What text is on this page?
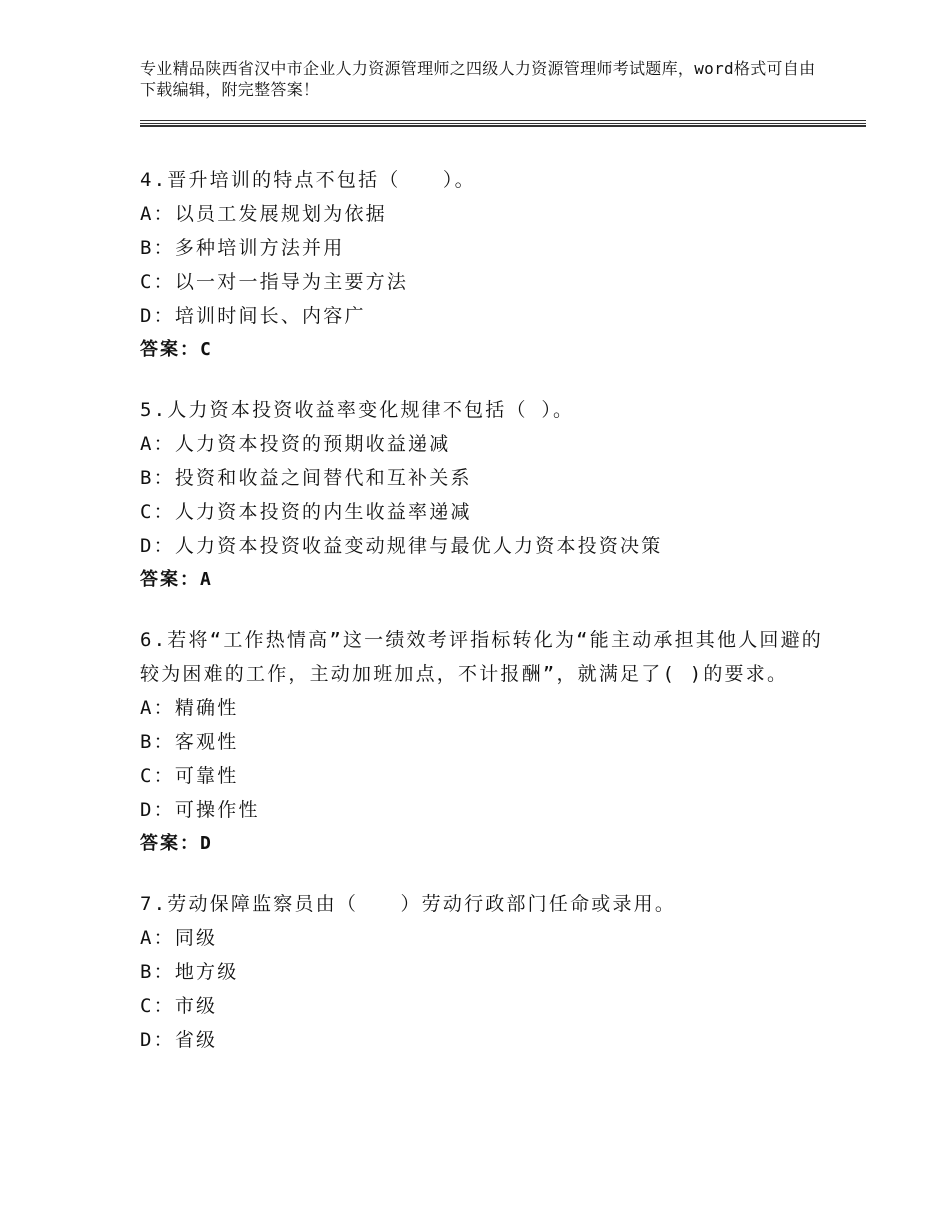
专业精品陕西省汉中市企业人力资源管理师之四级人力资源管理师考试题库，word格式可自由下载编辑，附完整答案！
4.晋升培训的特点不包括（　　）。
A：以员工发展规划为依据
B：多种培训方法并用
C：以一对一指导为主要方法
D：培训时间长、内容广
答案：C
5.人力资本投资收益率变化规律不包括（ ）。
A：人力资本投资的预期收益递减
B：投资和收益之间替代和互补关系
C：人力资本投资的内生收益率递减
D：人力资本投资收益变动规律与最优人力资本投资决策
答案：A
6.若将“工作热情高”这一绩效考评指标转化为“能主动承担其他人回避的较为困难的工作，主动加班加点，不计报酬”，就满足了( )的要求。
A：精确性
B：客观性
C：可靠性
D：可操作性
答案：D
7.劳动保障监察员由（　　）劳动行政部门任命或录用。
A：同级
B：地方级
C：市级
D：省级
